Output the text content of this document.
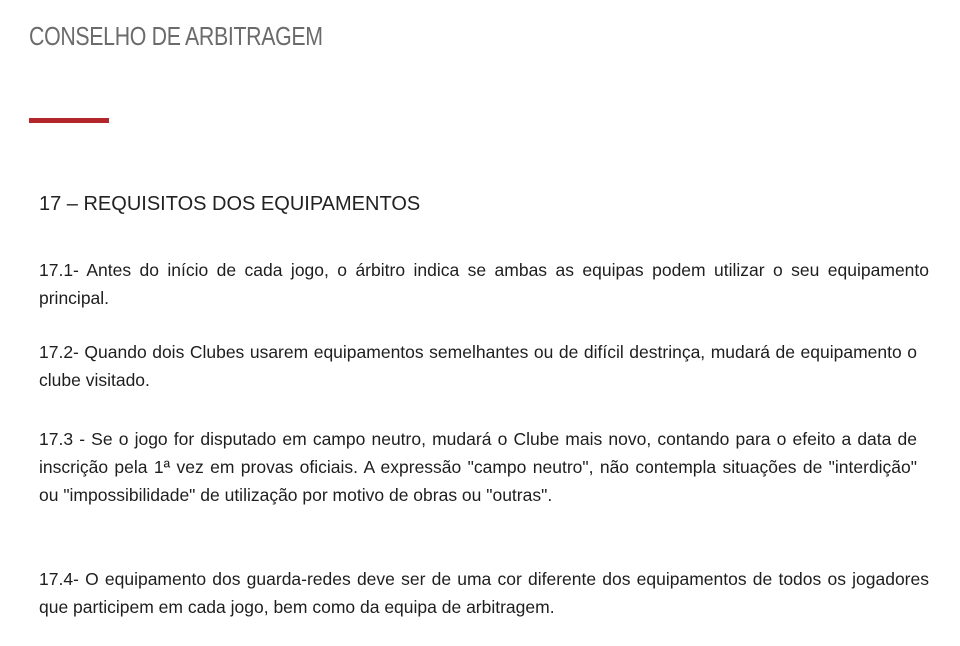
CONSELHO DE ARBITRAGEM
17 – REQUISITOS DOS EQUIPAMENTOS

17.1- Antes do início de cada jogo, o árbitro indica se ambas as equipas podem utilizar o seu equipamento principal.

17.2- Quando dois Clubes usarem equipamentos semelhantes ou de difícil destrinça, mudará de equipamento o clube visitado.

17.3 - Se o jogo for disputado em campo neutro, mudará o Clube mais novo, contando para o efeito a data de inscrição pela 1ª vez em provas oficiais. A expressão "campo neutro", não contempla situações de "interdição" ou "impossibilidade" de utilização por motivo de obras ou "outras".

17.4- O equipamento dos guarda-redes deve ser de uma cor diferente dos equipamentos de todos os jogadores que participem em cada jogo, bem como da equipa de arbitragem.
